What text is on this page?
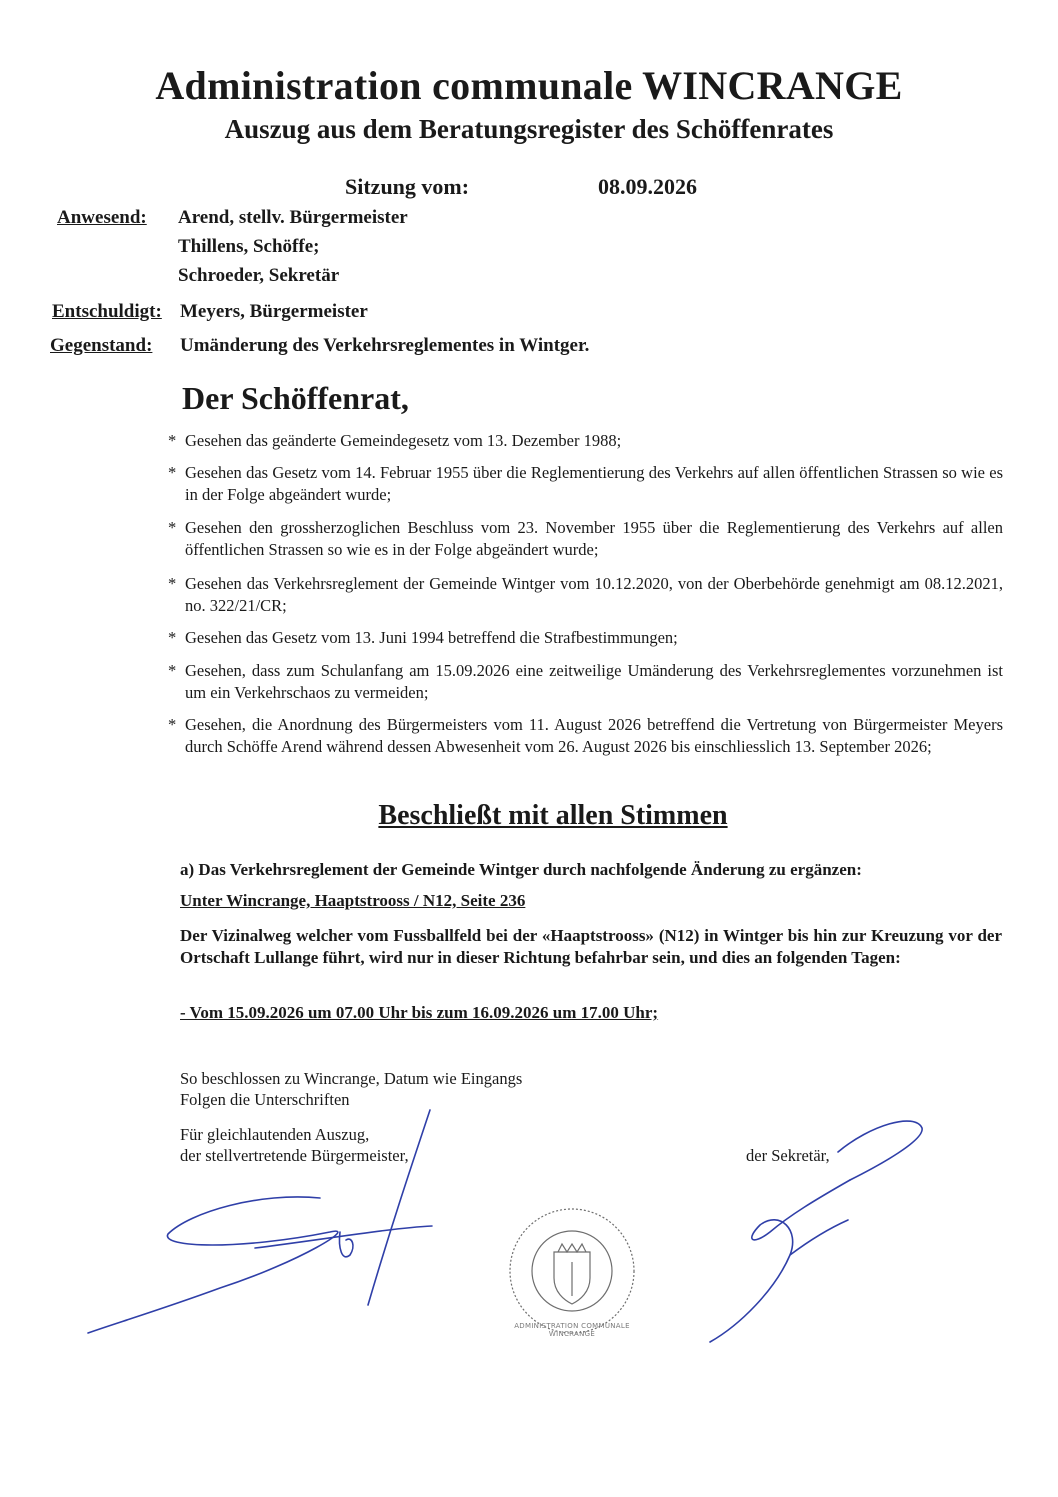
Administration communale WINCRANGE
Auszug aus dem Beratungsregister des Schöffenrates
Sitzung vom:	08.09.2026
Anwesend: Arend, stellv. Bürgermeister
Thillens, Schöffe;
Schroeder, Sekretär
Entschuldigt: Meyers, Bürgermeister
Gegenstand: Umänderung des Verkehrsreglementes in Wintger.
Der Schöffenrat,
* Gesehen das geänderte Gemeindegesetz vom 13. Dezember 1988;
* Gesehen das Gesetz vom 14. Februar 1955 über die Reglementierung des Verkehrs auf allen öffentlichen Strassen so wie es in der Folge abgeändert wurde;
* Gesehen den grossherzoglichen Beschluss vom 23. November 1955 über die Reglementierung des Verkehrs auf allen öffentlichen Strassen so wie es in der Folge abgeändert wurde;
* Gesehen das Verkehrsreglement der Gemeinde Wintger vom 10.12.2020, von der Oberbehörde genehmigt am 08.12.2021, no. 322/21/CR;
* Gesehen das Gesetz vom 13. Juni 1994 betreffend die Strafbestimmungen;
* Gesehen, dass zum Schulanfang am 15.09.2026 eine zeitweilige Umänderung des Verkehrsreglementes vorzunehmen ist um ein Verkehrschaos zu vermeiden;
* Gesehen, die Anordnung des Bürgermeisters vom 11. August 2026 betreffend die Vertretung von Bürgermeister Meyers durch Schöffe Arend während dessen Abwesenheit vom 26. August 2026 bis einschliesslich 13. September 2026;
Beschließt mit allen Stimmen
a) Das Verkehrsreglement der Gemeinde Wintger durch nachfolgende Änderung zu ergänzen:
Unter Wincrange, Haaptstrooss / N12, Seite 236
Der Vizinalweg welcher vom Fussballfeld bei der «Haaptstrooss» (N12) in Wintger bis hin zur Kreuzung vor der Ortschaft Lullange führt, wird nur in dieser Richtung befahrbar sein, und dies an folgenden Tagen:
- Vom 15.09.2026 um 07.00 Uhr bis zum 16.09.2026 um 17.00 Uhr;
So beschlossen zu Wincrange, Datum wie Eingangs
Folgen die Unterschriften
Für gleichlautenden Auszug,
der stellvertretende Bürgermeister,	der Sekretär,
ADMINISTRATION COMMUNALE WINCRANGE
